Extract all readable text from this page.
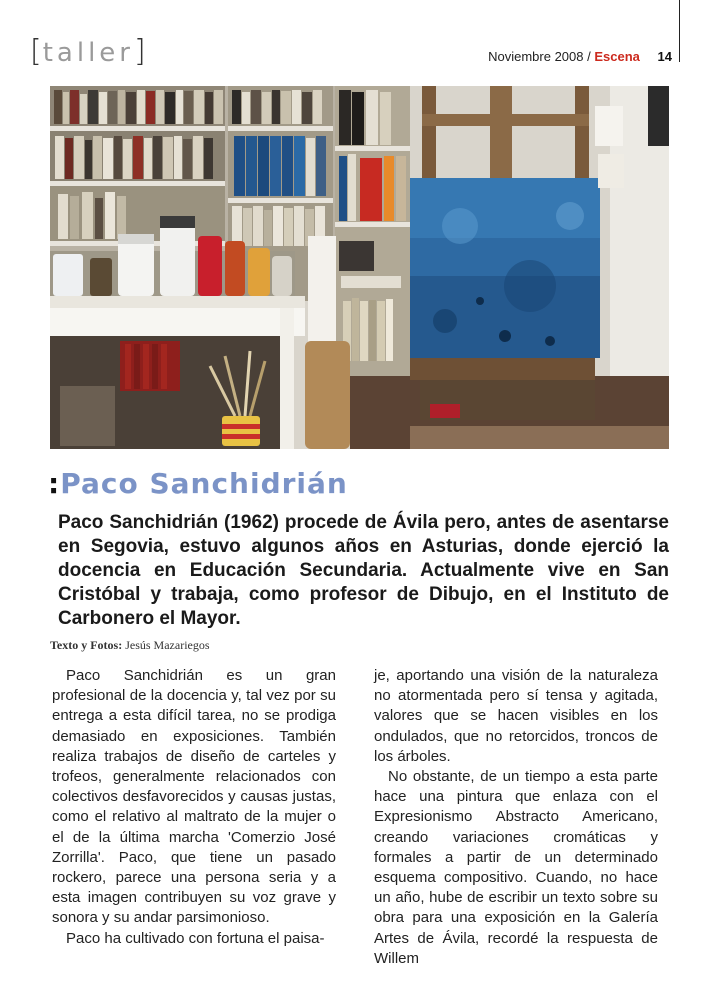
[taller]	Noviembre 2008 / Escena 14
:Paco Sanchidrián
Paco Sanchidrián (1962) procede de Ávila pero, antes de asentarse en Segovia, estuvo algunos años en Asturias, donde ejerció la docencia en Educación Secundaria. Actualmente vive en San Cristóbal y trabaja, como profesor de Dibujo, en el Instituto de Carbonero el Mayor.
Texto y Fotos: Jesús Mazariegos

Paco Sanchidrián es un gran profesional de la docencia y, tal vez por su entrega a esta difícil tarea, no se prodiga demasiado en exposiciones. También realiza trabajos de diseño de carteles y trofeos, generalmente relacionados con colectivos desfavorecidos y causas justas, como el relativo al maltrato de la mujer o el de la última marcha 'Comerzio José Zorrilla'. Paco, que tiene un pasado rockero, parece una persona seria y a esta imagen contribuyen su voz grave y sonora y su andar parsimonioso.

Paco ha cultivado con fortuna el paisa-

je, aportando una visión de la naturaleza no atormentada pero sí tensa y agitada, valores que se hacen visibles en los ondulados, que no retorcidos, troncos de los árboles.

No obstante, de un tiempo a esta parte hace una pintura que enlaza con el Expresionismo Abstracto Americano, creando variaciones cromáticas y formales a partir de un determinado esquema compositivo. Cuando, no hace un año, hube de escribir un texto sobre su obra para una exposición en la Galería Artes de Ávila, recordé la respuesta de Willem
